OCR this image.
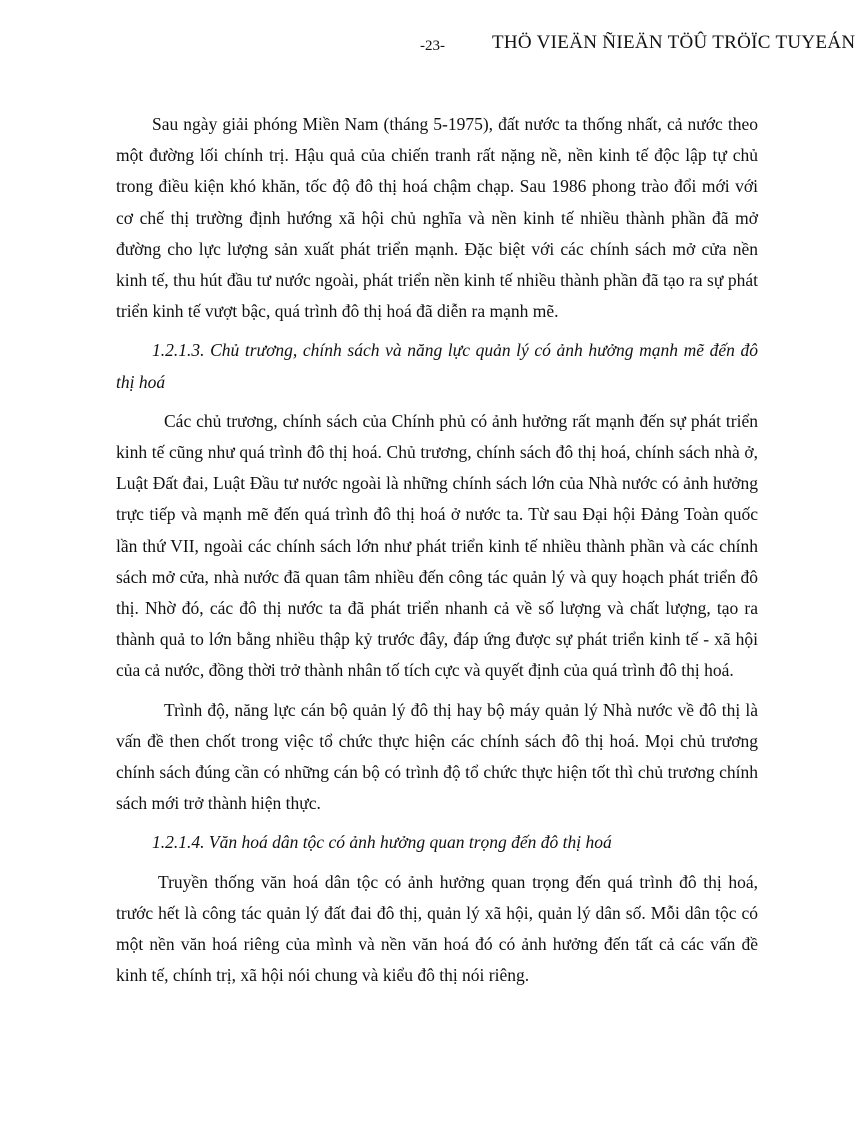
-23- THÖ VIEÄN ÑIEÄN TÖÛ TRÖÏC TUYEÁN

Sau ngày giải phóng Miền Nam (tháng 5-1975), đất nước ta thống nhất, cả nước theo một đường lối chính trị. Hậu quả của chiến tranh rất nặng nề, nền kinh tế độc lập tự chủ trong điều kiện khó khăn, tốc độ đô thị hoá chậm chạp. Sau 1986 phong trào đổi mới với cơ chế thị trường định hướng xã hội chủ nghĩa và nền kinh tế nhiều thành phần đã mở đường cho lực lượng sản xuất phát triển mạnh. Đặc biệt với các chính sách mở cửa nền kinh tế, thu hút đầu tư nước ngoài, phát triển nền kinh tế nhiều thành phần đã tạo ra sự phát triển kinh tế vượt bậc, quá trình đô thị hoá đã diễn ra mạnh mẽ.

1.2.1.3. Chủ trương, chính sách và năng lực quản lý có ảnh hưởng mạnh mẽ đến đô thị hoá

Các chủ trương, chính sách của Chính phủ có ảnh hưởng rất mạnh đến sự phát triển kinh tế cũng như quá trình đô thị hoá. Chủ trương, chính sách đô thị hoá, chính sách nhà ở, Luật Đất đai, Luật Đầu tư nước ngoài là những chính sách lớn của Nhà nước có ảnh hưởng trực tiếp và mạnh mẽ đến quá trình đô thị hoá ở nước ta. Từ sau Đại hội Đảng Toàn quốc lần thứ VII, ngoài các chính sách lớn như phát triển kinh tế nhiều thành phần và các chính sách mở cửa, nhà nước đã quan tâm nhiều đến công tác quản lý và quy hoạch phát triển đô thị. Nhờ đó, các đô thị nước ta đã phát triển nhanh cả về số lượng và chất lượng, tạo ra thành quả to lớn bằng nhiều thập kỷ trước đây, đáp ứng được sự phát triển kinh tế - xã hội của cả nước, đồng thời trở thành nhân tố tích cực và quyết định của quá trình đô thị hoá.

Trình độ, năng lực cán bộ quản lý đô thị hay bộ máy quản lý Nhà nước về đô thị là vấn đề then chốt trong việc tổ chức thực hiện các chính sách đô thị hoá. Mọi chủ trương chính sách đúng cần có những cán bộ có trình độ tổ chức thực hiện tốt thì chủ trương chính sách mới trở thành hiện thực.

1.2.1.4. Văn hoá dân tộc có ảnh hưởng quan trọng đến đô thị hoá

Truyền thống văn hoá dân tộc có ảnh hưởng quan trọng đến quá trình đô thị hoá, trước hết là công tác quản lý đất đai đô thị, quản lý xã hội, quản lý dân số. Mỗi dân tộc có một nền văn hoá riêng của mình và nền văn hoá đó có ảnh hưởng đến tất cả các vấn đề kinh tế, chính trị, xã hội nói chung và kiểu đô thị nói riêng.
